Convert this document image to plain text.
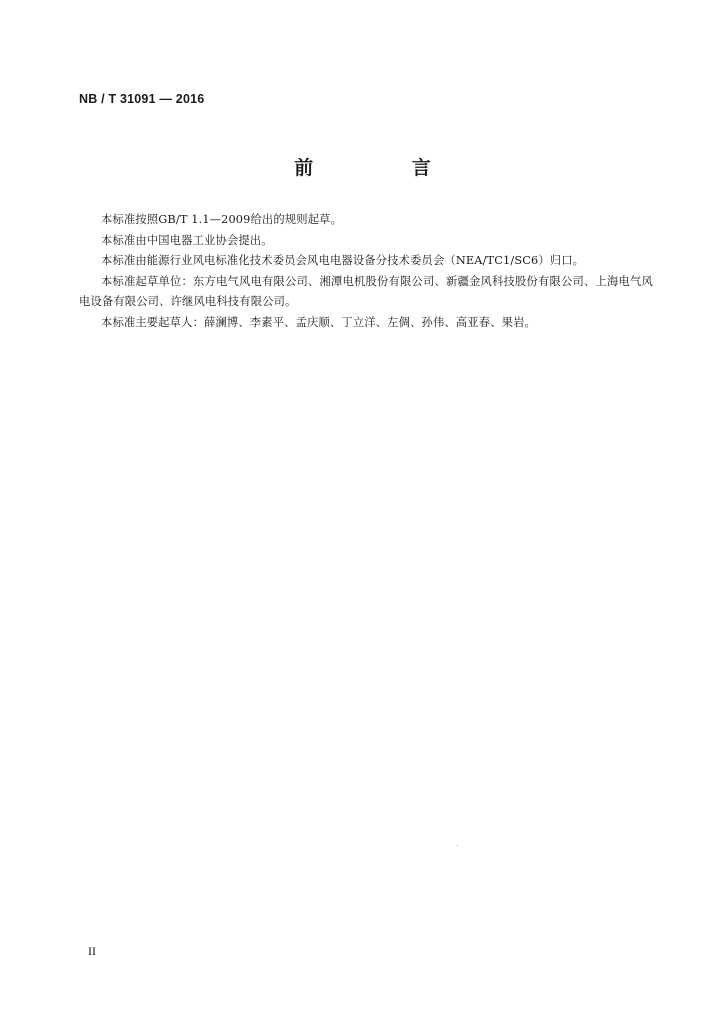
NB / T 31091 — 2016
前 言

本标准按照GB/T 1.1—2009给出的规则起草。

本标准由中国电器工业协会提出。

本标准由能源行业风电标准化技术委员会风电电器设备分技术委员会（NEA/TC1/SC6）归口。

本标准起草单位：东方电气风电有限公司、湘潭电机股份有限公司、新疆金风科技股份有限公司、上海电气风电设备有限公司、许继风电科技有限公司。

本标准主要起草人：薛澜博、李素平、孟庆顺、丁立洋、左倜、孙伟、高亚春、果岩。

II
